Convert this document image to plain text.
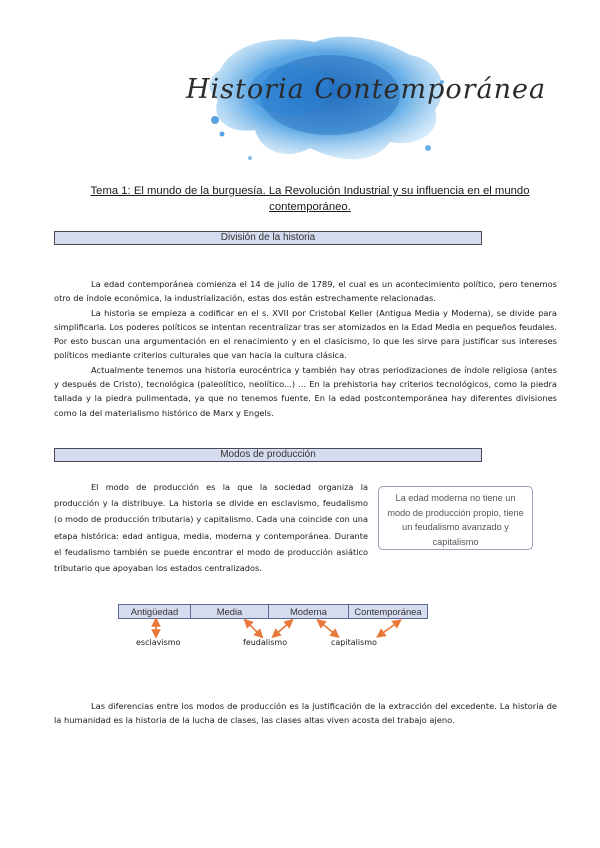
Historia Contemporánea
Tema 1: El mundo de la burguesía. La Revolución Industrial y su influencia en el mundo contemporáneo.
División de la historia

La edad contemporánea comienza el 14 de julio de 1789, el cual es un acontecimiento político, pero tenemos otro de índole económica, la industrialización, estas dos están estrechamente relacionadas.

La historia se empieza a codificar en el s. XVII por Cristobal Keller (Antigua Media y Moderna), se divide para simplificarla. Los poderes políticos se intentan recentralizar tras ser atomizados en la Edad Media en pequeños feudales. Por esto buscan una argumentación en el renacimiento y en el clasicismo, lo que les sirve para justificar sus intereses políticos mediante criterios culturales que van hacia la cultura clásica.

Actualmente tenemos una historia eurocéntrica y también hay otras periodizaciones de índole religiosa (antes y después de Cristo), tecnológica (paleolítico, neolítico...) ... En la prehistoria hay criterios tecnológicos, como la piedra tallada y la piedra pulimentada, ya que no tenemos fuente. En la edad postcontemporánea hay diferentes divisiones como la del materialismo histórico de Marx y Engels.

Modos de producción

El modo de producción es la que la sociedad organiza la producción y la distribuye. La historia se divide en esclavismo, feudalismo (o modo de producción tributaria) y capitalismo. Cada una coincide con una etapa histórica: edad antigua, media, moderna y contemporánea. Durante el feudalismo también se puede encontrar el modo de producción asiático tributario que apoyaban los estados centralizados.

La edad moderna no tiene un modo de producción propio, tiene un feudalismo avanzado y capitalismo
Antigüedad	Media	Moderna	Contemporánea
esclavismo	feudalismo	capitalismo

Las diferencias entre los modos de producción es la justificación de la extracción del excedente. La historia de la humanidad es la historia de la lucha de clases, las clases altas viven acosta del trabajo ajeno.
